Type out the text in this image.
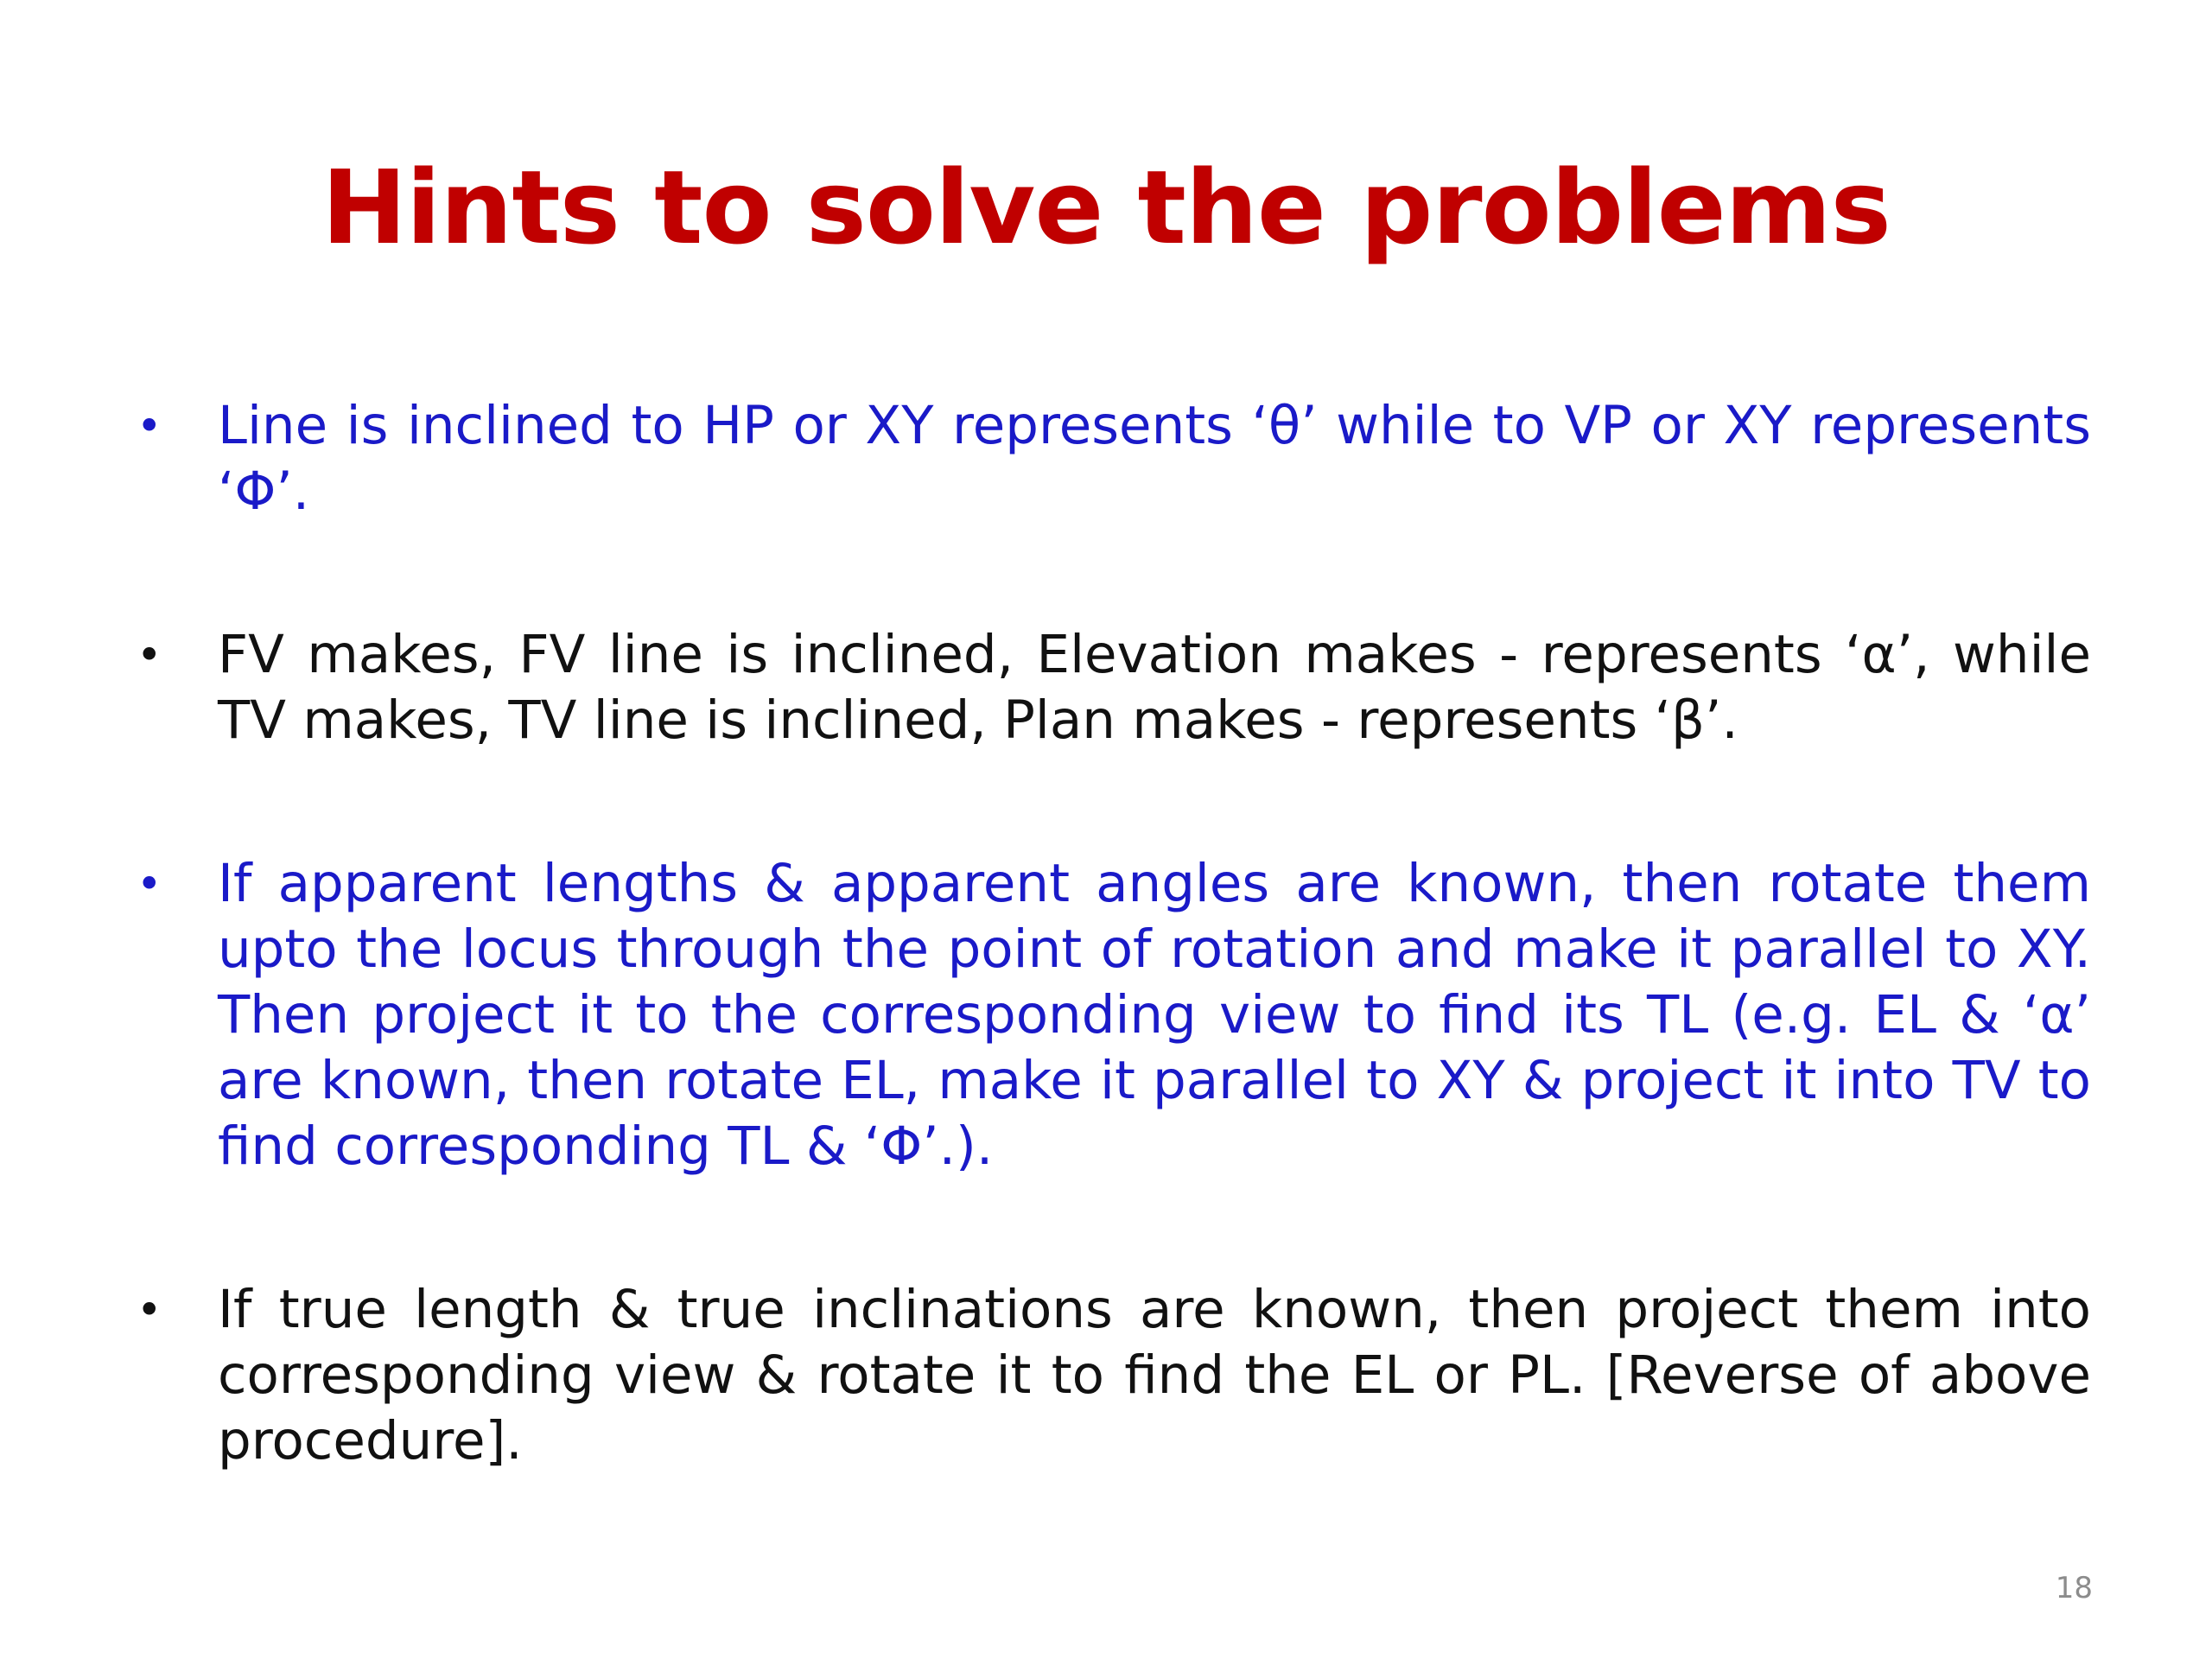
Hints to solve the problems
• Line is inclined to HP or XY represents ‘θ’ while to VP or XY represents ‘Φ’.
• FV makes, FV line is inclined, Elevation makes - represents ‘α’, while TV makes, TV line is inclined, Plan makes - represents ‘β’.
• If apparent lengths & apparent angles are known, then rotate them upto the locus through the point of rotation and make it parallel to XY. Then project it to the corresponding view to find its TL (e.g. EL & ‘α’ are known, then rotate EL, make it parallel to XY & project it into TV to find corresponding TL & ‘Φ’.).
• If true length & true inclinations are known, then project them into corresponding view & rotate it to find the EL or PL. [Reverse of above procedure].
18
